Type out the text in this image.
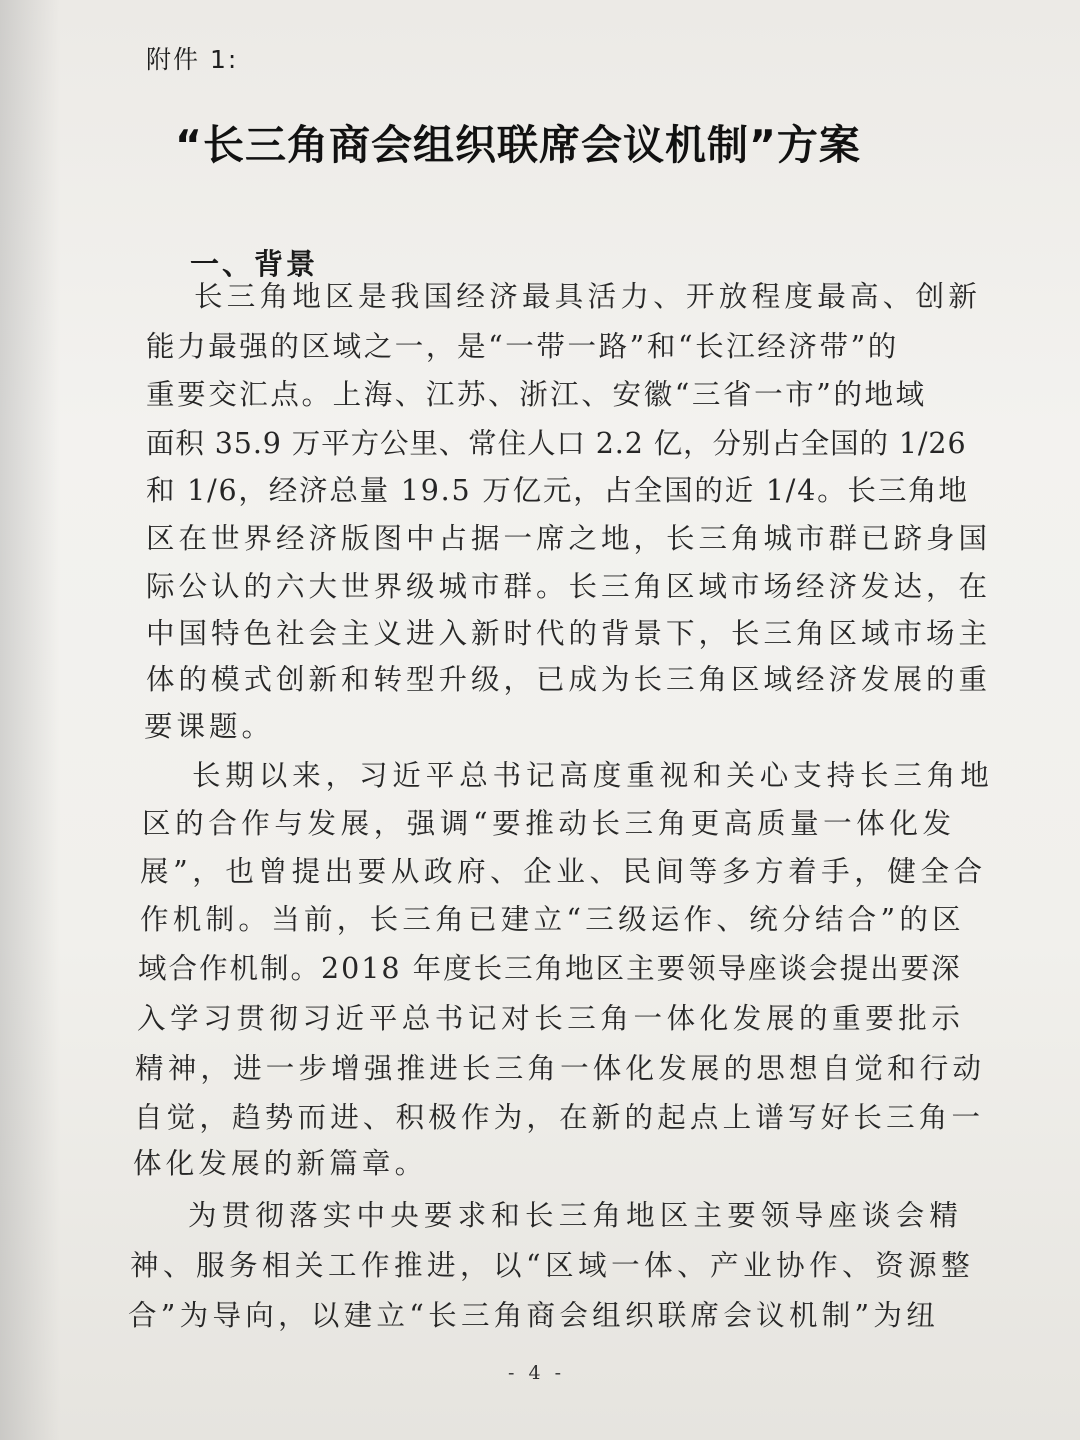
附件 1:
“长三角商会组织联席会议机制”方案
一、背景
长三角地区是我国经济最具活力、开放程度最高、创新
能力最强的区域之一，是“一带一路”和“长江经济带”的
重要交汇点。上海、江苏、浙江、安徽“三省一市”的地域
面积 35.9 万平方公里、常住人口 2.2 亿，分别占全国的 1/26
和 1/6，经济总量 19.5 万亿元，占全国的近 1/4。长三角地
区在世界经济版图中占据一席之地，长三角城市群已跻身国
际公认的六大世界级城市群。长三角区域市场经济发达，在
中国特色社会主义进入新时代的背景下，长三角区域市场主
体的模式创新和转型升级，已成为长三角区域经济发展的重
要课题。
长期以来，习近平总书记高度重视和关心支持长三角地
区的合作与发展，强调“要推动长三角更高质量一体化发
展”，也曾提出要从政府、企业、民间等多方着手，健全合
作机制。当前，长三角已建立“三级运作、统分结合”的区
域合作机制。2018 年度长三角地区主要领导座谈会提出要深
入学习贯彻习近平总书记对长三角一体化发展的重要批示
精神，进一步增强推进长三角一体化发展的思想自觉和行动
自觉，趋势而进、积极作为，在新的起点上谱写好长三角一
体化发展的新篇章。
为贯彻落实中央要求和长三角地区主要领导座谈会精
神、服务相关工作推进，以“区域一体、产业协作、资源整
合”为导向，以建立“长三角商会组织联席会议机制”为纽
- 4 -
